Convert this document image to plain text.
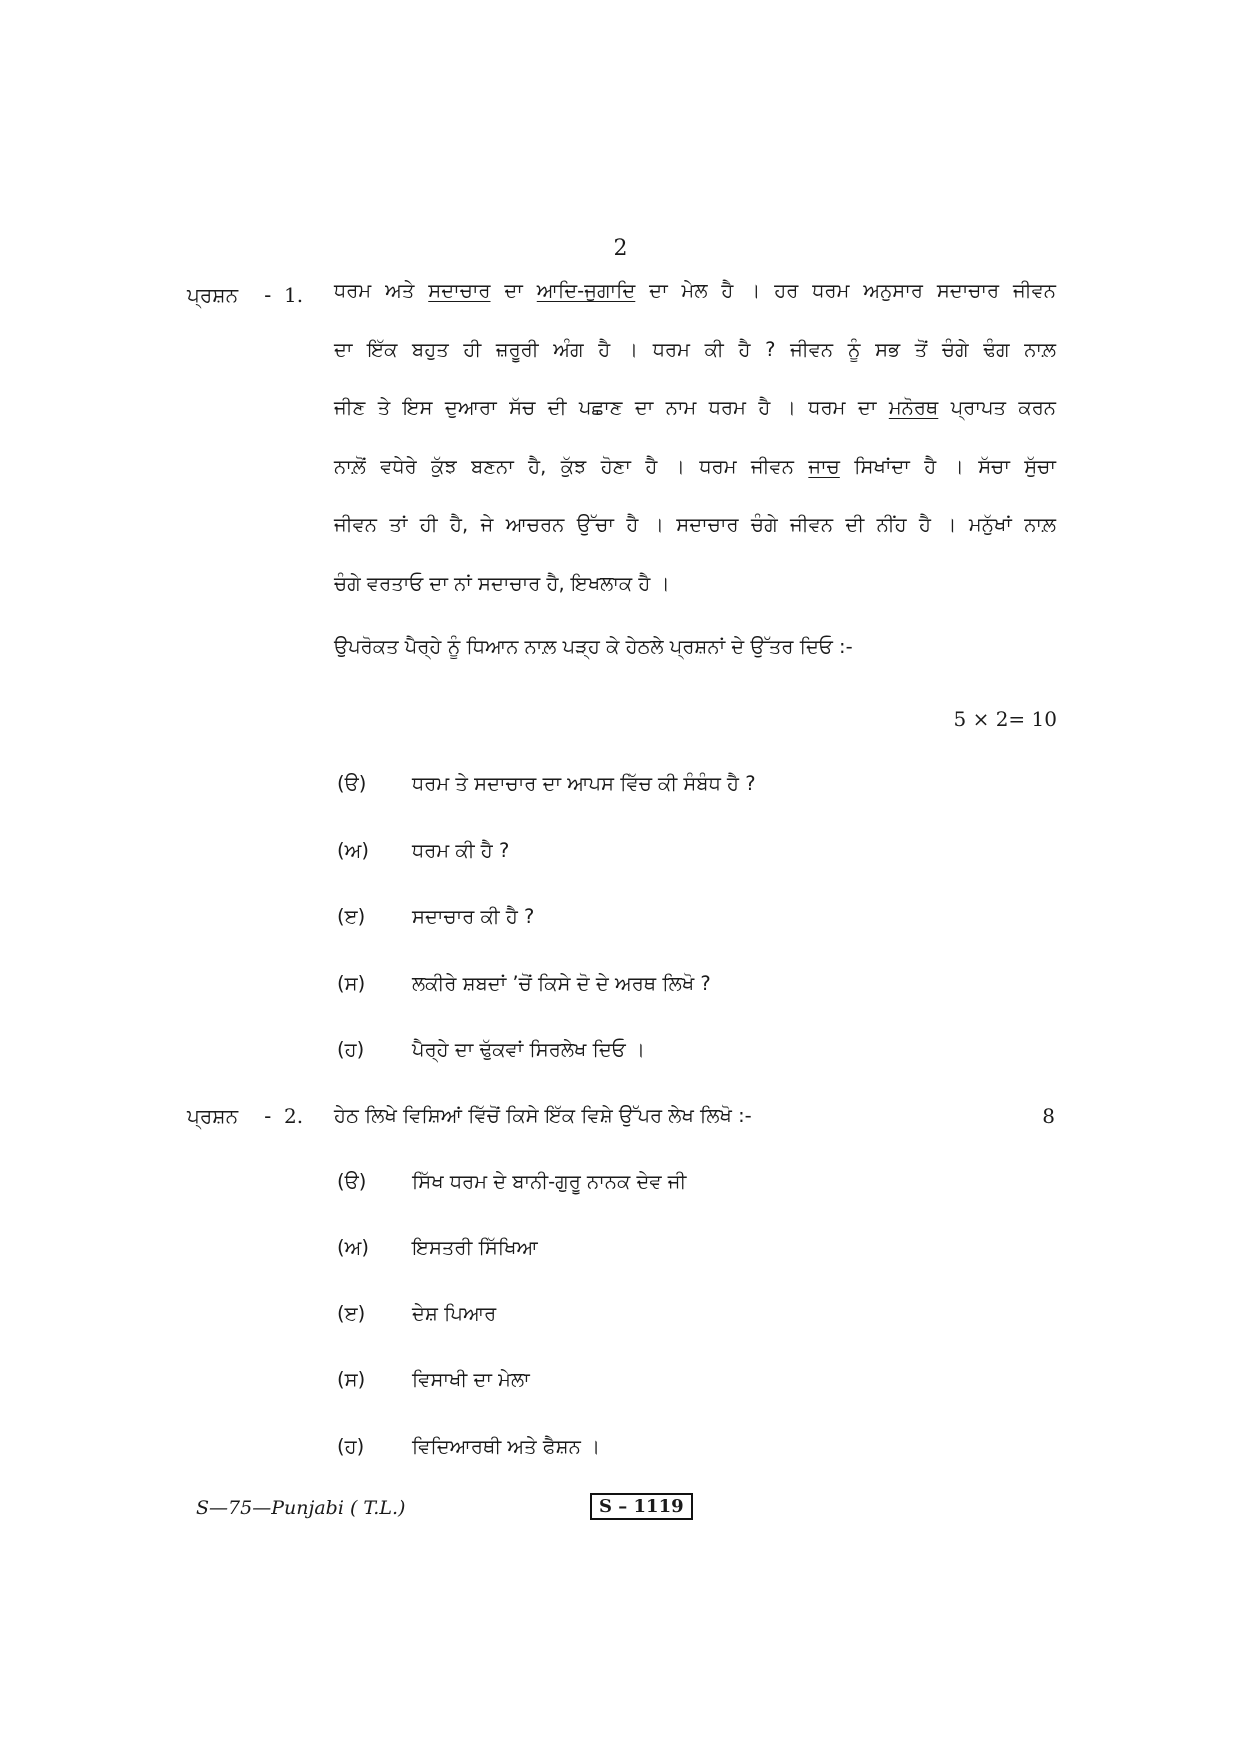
2
ਪ੍ਰਸ਼ਨ - 1. ਧਰਮ ਅਤੇ ਸਦਾਚਾਰ ਦਾ ਆਦਿ-ਜੁਗਾਦਿ ਦਾ ਮੇਲ ਹੈ । ਹਰ ਧਰਮ ਅਨੁਸਾਰ ਸਦਾਚਾਰ ਜੀਵਨ
ਦਾ ਇੱਕ ਬਹੁਤ ਹੀ ਜ਼ਰੂਰੀ ਅੰਗ ਹੈ । ਧਰਮ ਕੀ ਹੈ ? ਜੀਵਨ ਨੂੰ ਸਭ ਤੋਂ ਚੰਗੇ ਢੰਗ ਨਾਲ਼
ਜੀਣ ਤੇ ਇਸ ਦੁਆਰਾ ਸੱਚ ਦੀ ਪਛਾਣ ਦਾ ਨਾਮ ਧਰਮ ਹੈ । ਧਰਮ ਦਾ ਮਨੋਰਥ ਪ੍ਰਾਪਤ ਕਰਨ
ਨਾਲ਼ੋਂ ਵਧੇਰੇ ਕੁੱਝ ਬਣਨਾ ਹੈ, ਕੁੱਝ ਹੋਣਾ ਹੈ । ਧਰਮ ਜੀਵਨ ਜਾਚ ਸਿਖਾਂਦਾ ਹੈ । ਸੱਚਾ ਸੁੱਚਾ
ਜੀਵਨ ਤਾਂ ਹੀ ਹੈ, ਜੇ ਆਚਰਨ ਉੱਚਾ ਹੈ । ਸਦਾਚਾਰ ਚੰਗੇ ਜੀਵਨ ਦੀ ਨੀਂਹ ਹੈ । ਮਨੁੱਖਾਂ ਨਾਲ਼
ਚੰਗੇ ਵਰਤਾਓ ਦਾ ਨਾਂ ਸਦਾਚਾਰ ਹੈ, ਇਖਲਾਕ ਹੈ ।
ਉਪਰੋਕਤ ਪੈਰ੍ਹੇ ਨੂੰ ਧਿਆਨ ਨਾਲ਼ ਪੜ੍ਹ ਕੇ ਹੇਠਲੇ ਪ੍ਰਸ਼ਨਾਂ ਦੇ ਉੱਤਰ ਦਿਓ :-
5 × 2= 10
(ੳ) ਧਰਮ ਤੇ ਸਦਾਚਾਰ ਦਾ ਆਪਸ ਵਿੱਚ ਕੀ ਸੰਬੰਧ ਹੈ ?
(ਅ) ਧਰਮ ਕੀ ਹੈ ?
(ੲ) ਸਦਾਚਾਰ ਕੀ ਹੈ ?
(ਸ) ਲਕੀਰੇ ਸ਼ਬਦਾਂ ’ਚੋਂ ਕਿਸੇ ਦੋ ਦੇ ਅਰਥ ਲਿਖੋ ?
(ਹ) ਪੈਰ੍ਹੇ ਦਾ ਢੁੱਕਵਾਂ ਸਿਰਲੇਖ ਦਿਓ ।
ਪ੍ਰਸ਼ਨ - 2. ਹੇਠ ਲਿਖੇ ਵਿਸ਼ਿਆਂ ਵਿੱਚੋਂ ਕਿਸੇ ਇੱਕ ਵਿਸ਼ੇ ਉੱਪਰ ਲੇਖ ਲਿਖੋ :-	8
(ੳ) ਸਿੱਖ ਧਰਮ ਦੇ ਬਾਨੀ-ਗੁਰੂ ਨਾਨਕ ਦੇਵ ਜੀ
(ਅ) ਇਸਤਰੀ ਸਿੱਖਿਆ
(ੲ) ਦੇਸ਼ ਪਿਆਰ
(ਸ) ਵਿਸਾਖੀ ਦਾ ਮੇਲਾ
(ਹ) ਵਿਦਿਆਰਥੀ ਅਤੇ ਫੈਸ਼ਨ ।
S—75—Punjabi ( T.L.)	S – 1119
